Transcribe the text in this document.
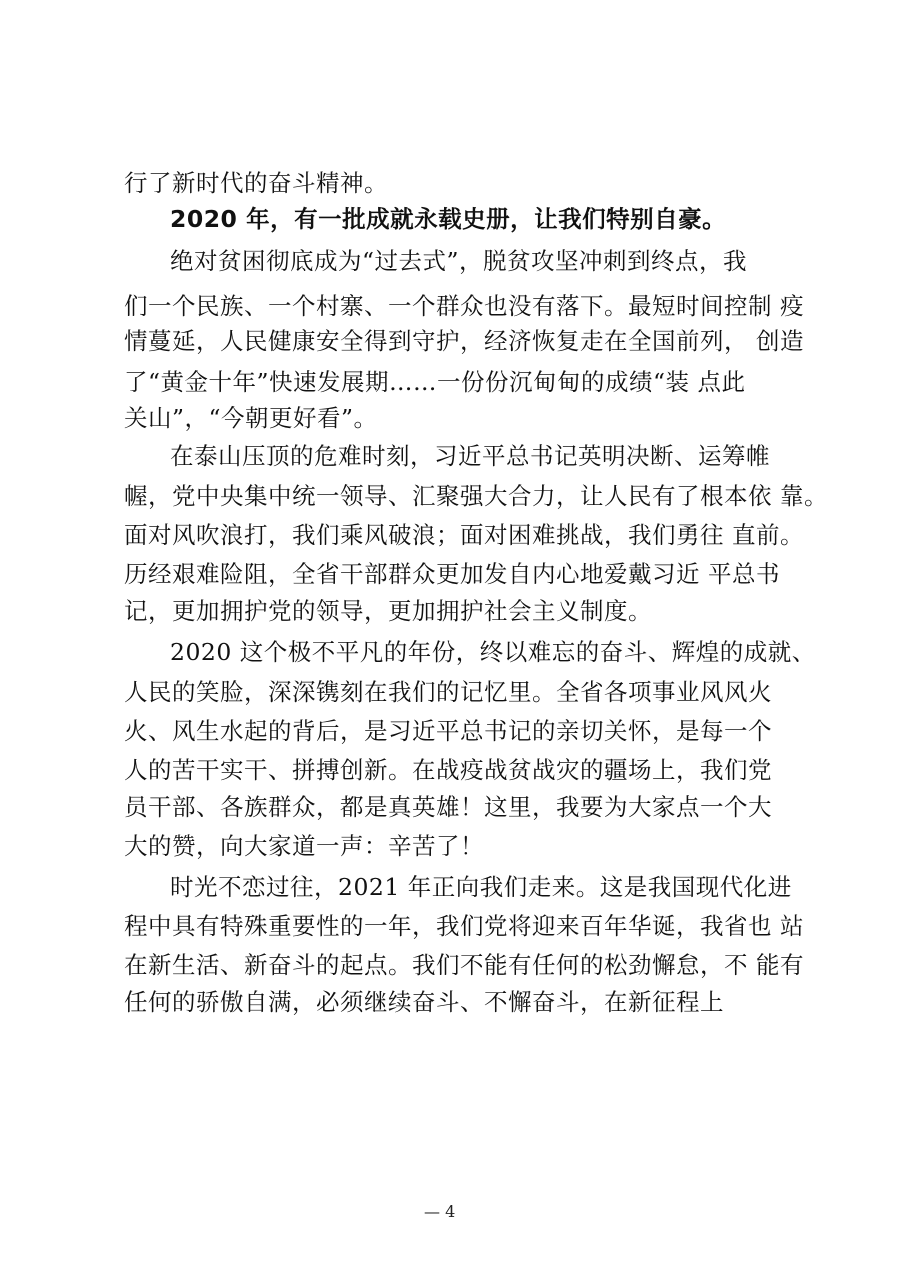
行了新时代的奋斗精神。
2020 年，有一批成就永载史册，让我们特别自豪。
绝对贫困彻底成为“过去式”，脱贫攻坚冲刺到终点，我
们一个民族、一个村寨、一个群众也没有落下。最短时间控制 疫
情蔓延，人民健康安全得到守护，经济恢复走在全国前列， 创造
了“黄金十年”快速发展期……一份份沉甸甸的成绩“装 点此
关山”，“今朝更好看”。
在泰山压顶的危难时刻，习近平总书记英明决断、运筹帷
幄，党中央集中统一领导、汇聚强大合力，让人民有了根本依 靠。
面对风吹浪打，我们乘风破浪；面对困难挑战，我们勇往 直前。
历经艰难险阻，全省干部群众更加发自内心地爱戴习近 平总书
记，更加拥护党的领导，更加拥护社会主义制度。
2020 这个极不平凡的年份，终以难忘的奋斗、辉煌的成就、
人民的笑脸，深深镌刻在我们的记忆里。全省各项事业风风火
火、风生水起的背后，是习近平总书记的亲切关怀，是每一个
人的苦干实干、拼搏创新。在战疫战贫战灾的疆场上，我们党
员干部、各族群众，都是真英雄！这里，我要为大家点一个大
大的赞，向大家道一声：辛苦了！
时光不恋过往，2021 年正向我们走来。这是我国现代化进
程中具有特殊重要性的一年，我们党将迎来百年华诞，我省也 站
在新生活、新奋斗的起点。我们不能有任何的松劲懈怠，不 能有
任何的骄傲自满，必须继续奋斗、不懈奋斗，在新征程上
— 4
